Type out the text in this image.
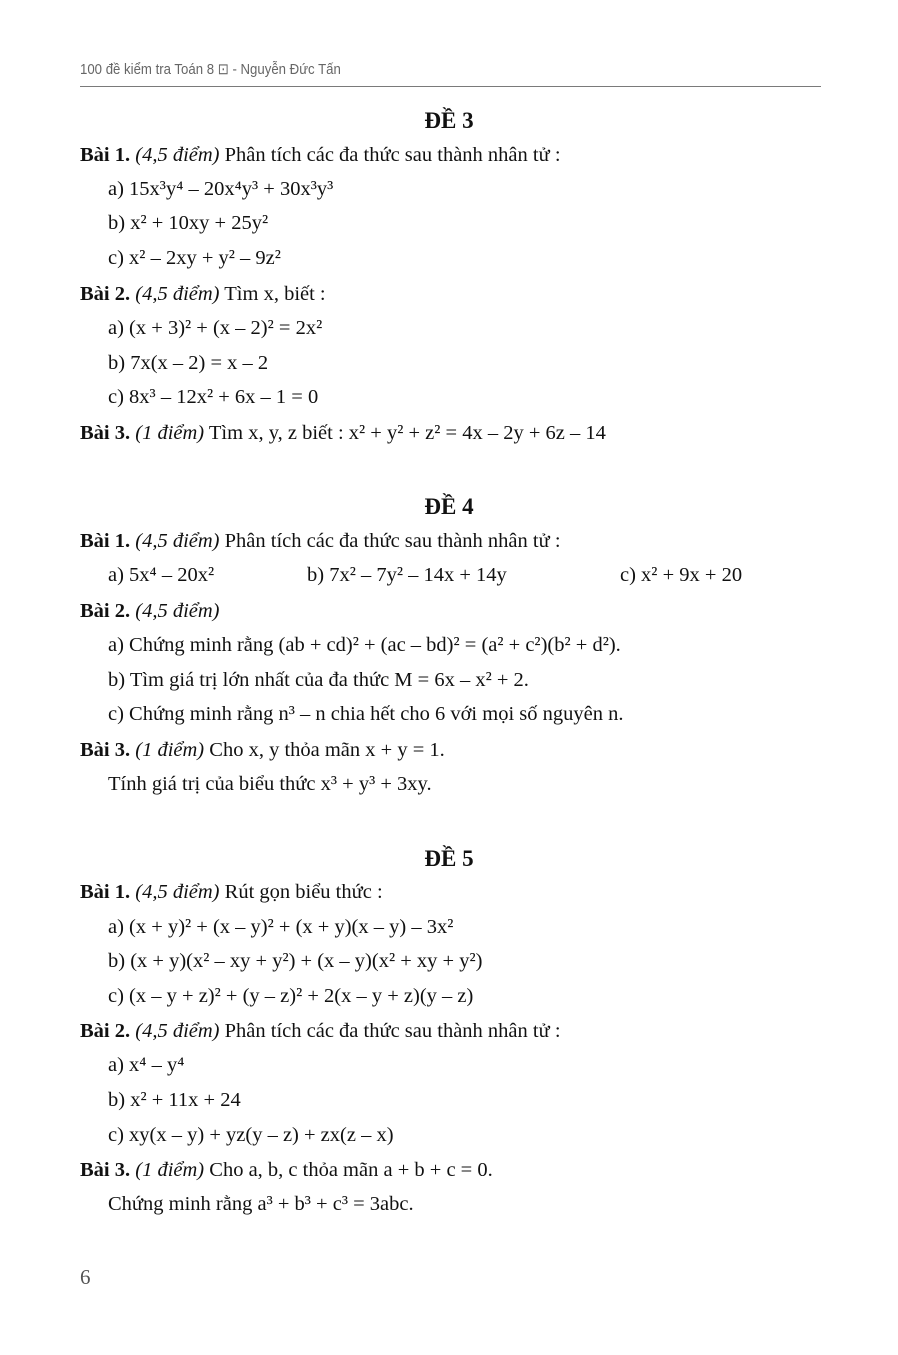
100 đề kiểm tra Toán 8 ⊡ - Nguyễn Đức Tấn
ĐỀ 3
Bài 1. (4,5 điểm) Phân tích các đa thức sau thành nhân tử :
a) 15x³y⁴ – 20x⁴y³ + 30x³y³
b) x² + 10xy + 25y²
c) x² – 2xy + y² – 9z²
Bài 2. (4,5 điểm) Tìm x, biết :
a) (x + 3)² + (x – 2)² = 2x²
b) 7x(x – 2) = x – 2
c) 8x³ – 12x² + 6x – 1 = 0
Bài 3. (1 điểm) Tìm x, y, z biết : x² + y² + z² = 4x – 2y + 6z – 14
ĐỀ 4
Bài 1. (4,5 điểm) Phân tích các đa thức sau thành nhân tử :
a) 5x⁴ – 20x²	b) 7x² – 7y² – 14x + 14y	c) x² + 9x + 20
Bài 2. (4,5 điểm)
a) Chứng minh rằng (ab + cd)² + (ac – bd)² = (a² + c²)(b² + d²).
b) Tìm giá trị lớn nhất của đa thức M = 6x – x² + 2.
c) Chứng minh rằng n³ – n chia hết cho 6 với mọi số nguyên n.
Bài 3. (1 điểm) Cho x, y thỏa mãn x + y = 1.
Tính giá trị của biểu thức x³ + y³ + 3xy.
ĐỀ 5
Bài 1. (4,5 điểm) Rút gọn biểu thức :
a) (x + y)² + (x – y)² + (x + y)(x – y) – 3x²
b) (x + y)(x² – xy + y²) + (x – y)(x² + xy + y²)
c) (x – y + z)² + (y – z)² + 2(x – y + z)(y – z)
Bài 2. (4,5 điểm) Phân tích các đa thức sau thành nhân tử :
a) x⁴ – y⁴
b) x² + 11x + 24
c) xy(x – y) + yz(y – z) + zx(z – x)
Bài 3. (1 điểm) Cho a, b, c thỏa mãn a + b + c = 0.
Chứng minh rằng a³ + b³ + c³ = 3abc.
6
